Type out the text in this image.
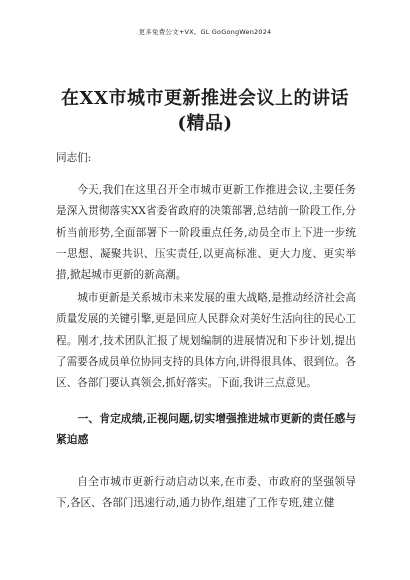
更多免费公文+VX。GL GoGongWen2024
在XX市城市更新推进会议上的讲话
(精品)
同志们:

今天,我们在这里召开全市城市更新工作推进会议,主要任务是深入贯彻落实XX省委省政府的决策部署,总结前一阶段工作,分析当前形势,全面部署下一阶段重点任务,动员全市上下进一步统一思想、凝聚共识、压实责任,以更高标准、更大力度、更实举措,掀起城市更新的新高潮。

城市更新是关系城市未来发展的重大战略,是推动经济社会高质量发展的关键引擎,更是回应人民群众对美好生活向往的民心工程。刚才,技术团队汇报了规划编制的进展情况和下步计划,提出了需要各成员单位协同支持的具体方向,讲得很具体、很到位。各区、各部门要认真领会,抓好落实。下面,我讲三点意见。

一、肯定成绩,正视问题,切实增强推进城市更新的责任感与紧迫感

自全市城市更新行动启动以来,在市委、市政府的坚强领导下,各区、各部门迅速行动,通力协作,组建了工作专班,建立健
